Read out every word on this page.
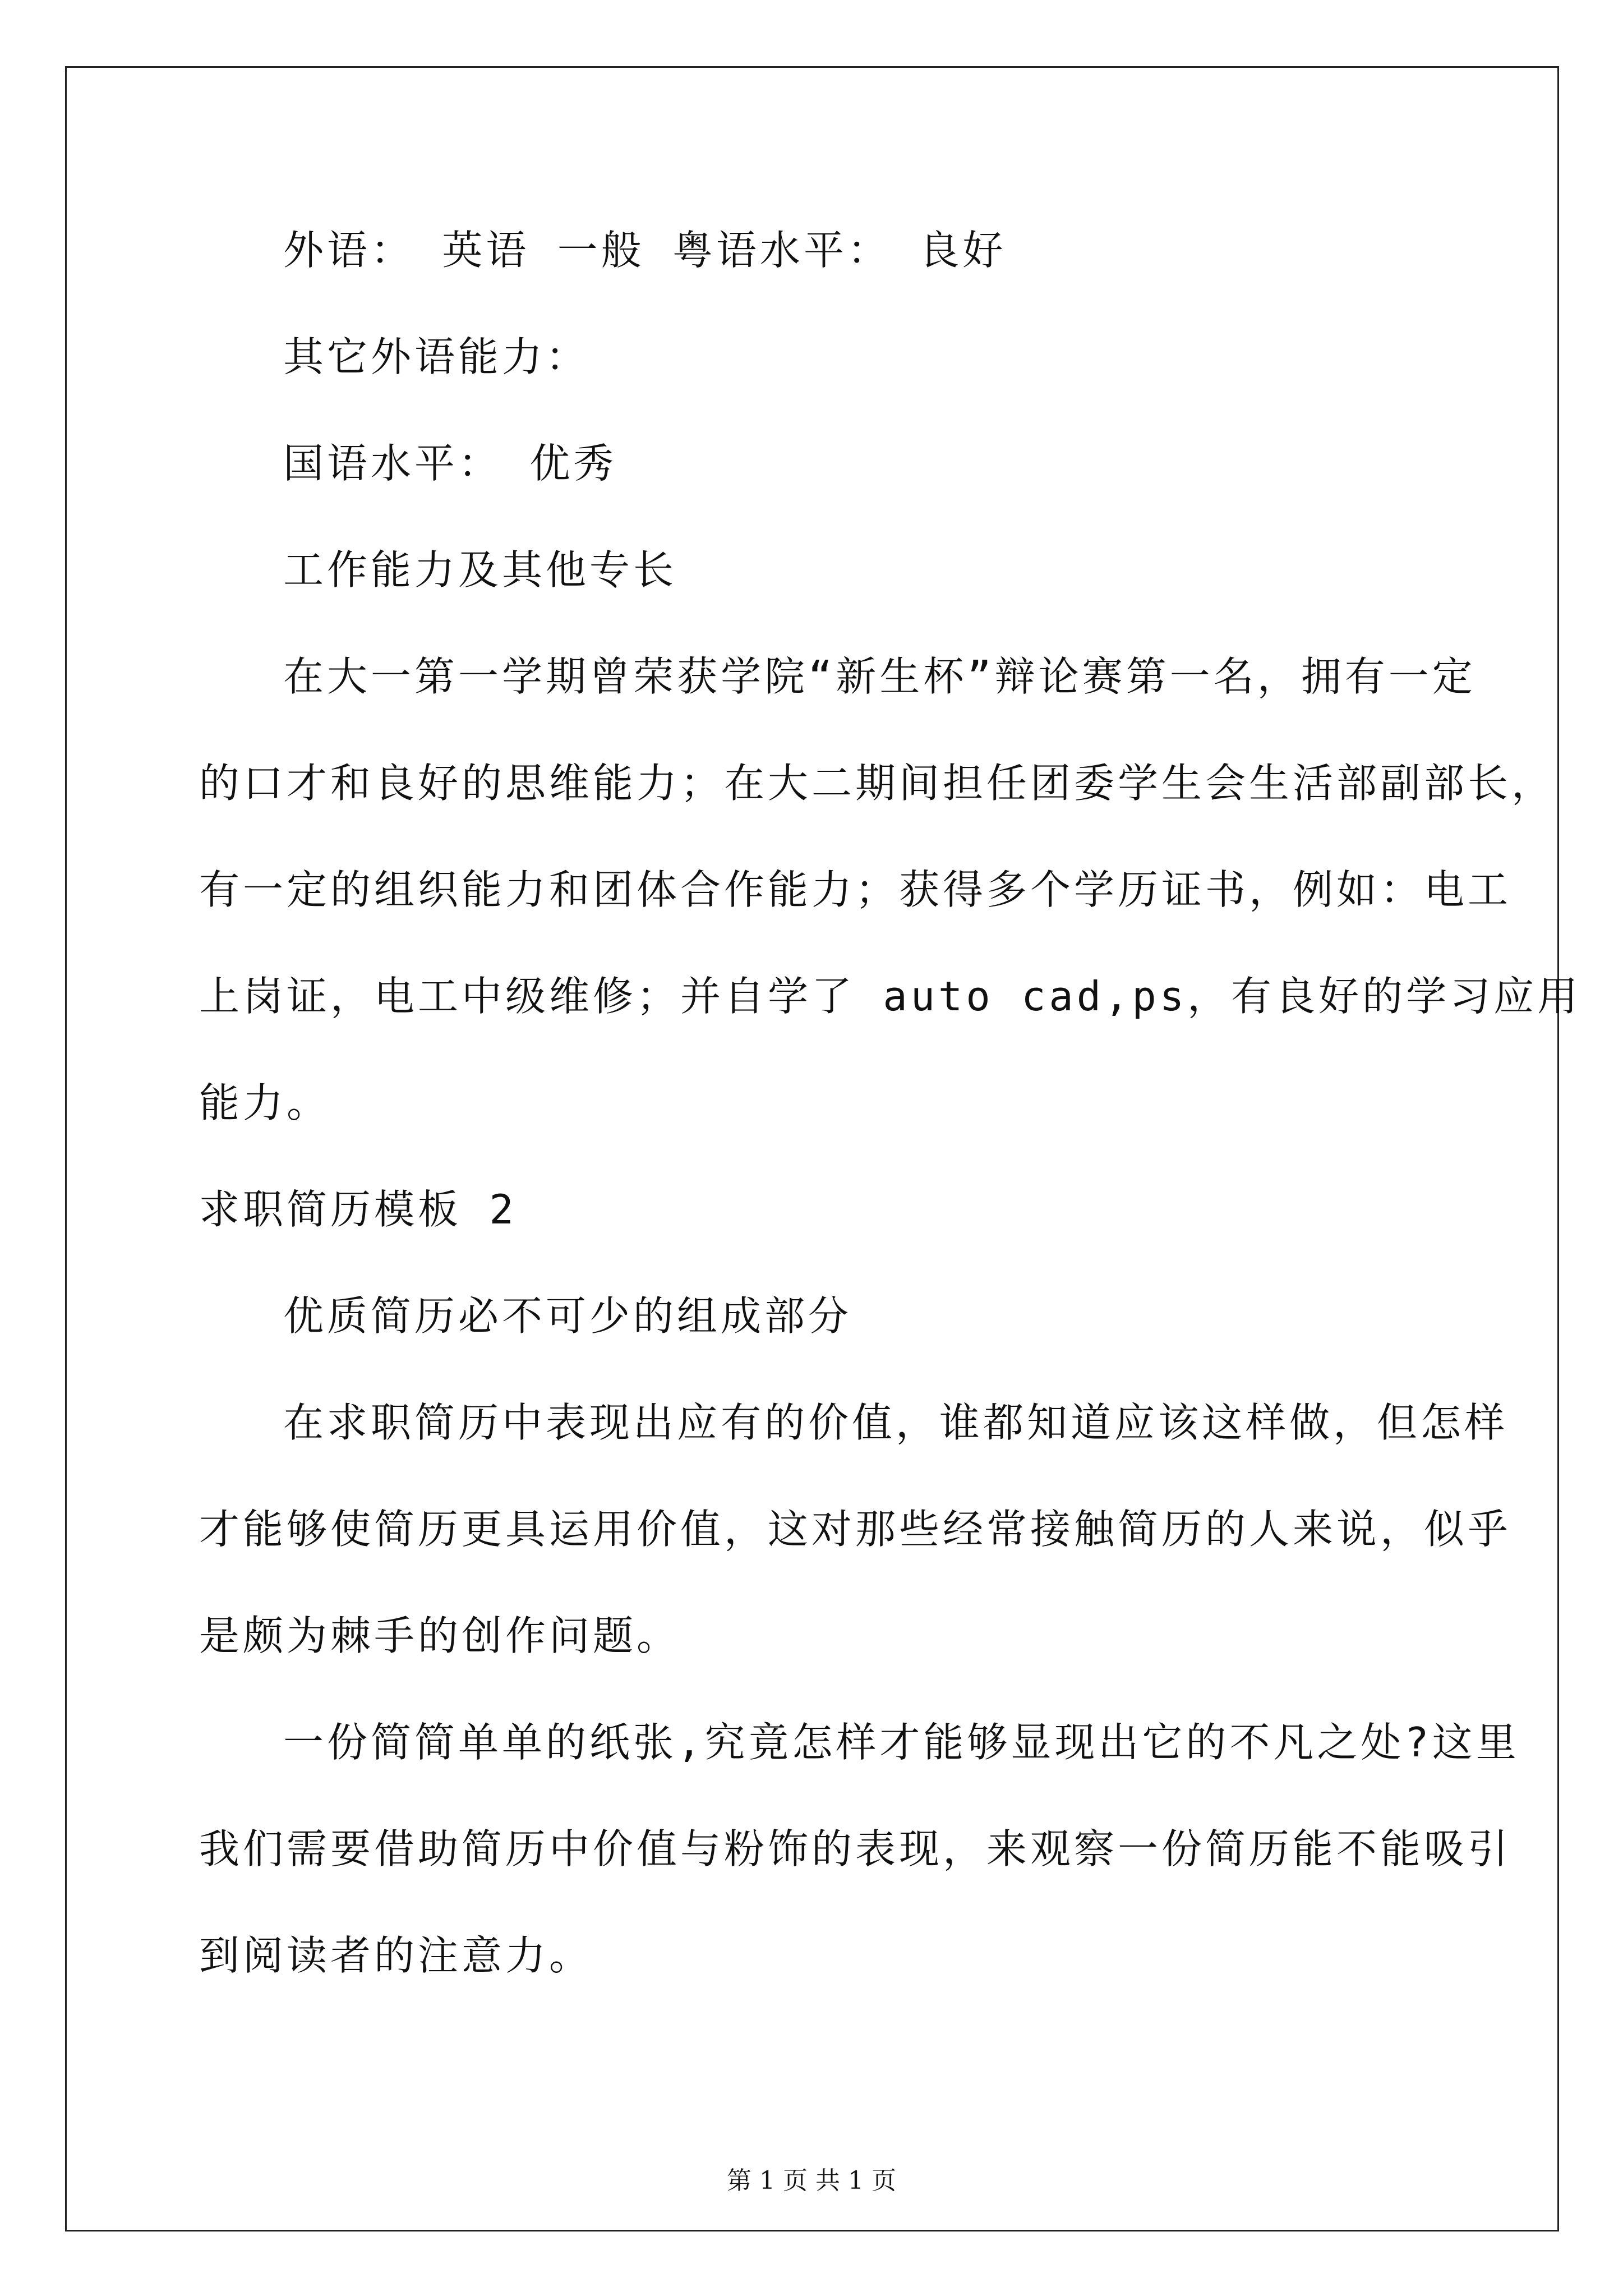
外语： 英语 一般 粤语水平： 良好
其它外语能力：
国语水平： 优秀
工作能力及其他专长
在大一第一学期曾荣获学院“新生杯”辩论赛第一名，拥有一定
的口才和良好的思维能力；在大二期间担任团委学生会生活部副部长，
有一定的组织能力和团体合作能力；获得多个学历证书，例如：电工
上岗证，电工中级维修；并自学了 auto cad,ps，有良好的学习应用
能力。
求职简历模板 2
优质简历必不可少的组成部分
在求职简历中表现出应有的价值，谁都知道应该这样做，但怎样
才能够使简历更具运用价值，这对那些经常接触简历的人来说，似乎
是颇为棘手的创作问题。
一份简简单单的纸张,究竟怎样才能够显现出它的不凡之处?这里
我们需要借助简历中价值与粉饰的表现，来观察一份简历能不能吸引
到阅读者的注意力。
第 1 页 共 1 页
